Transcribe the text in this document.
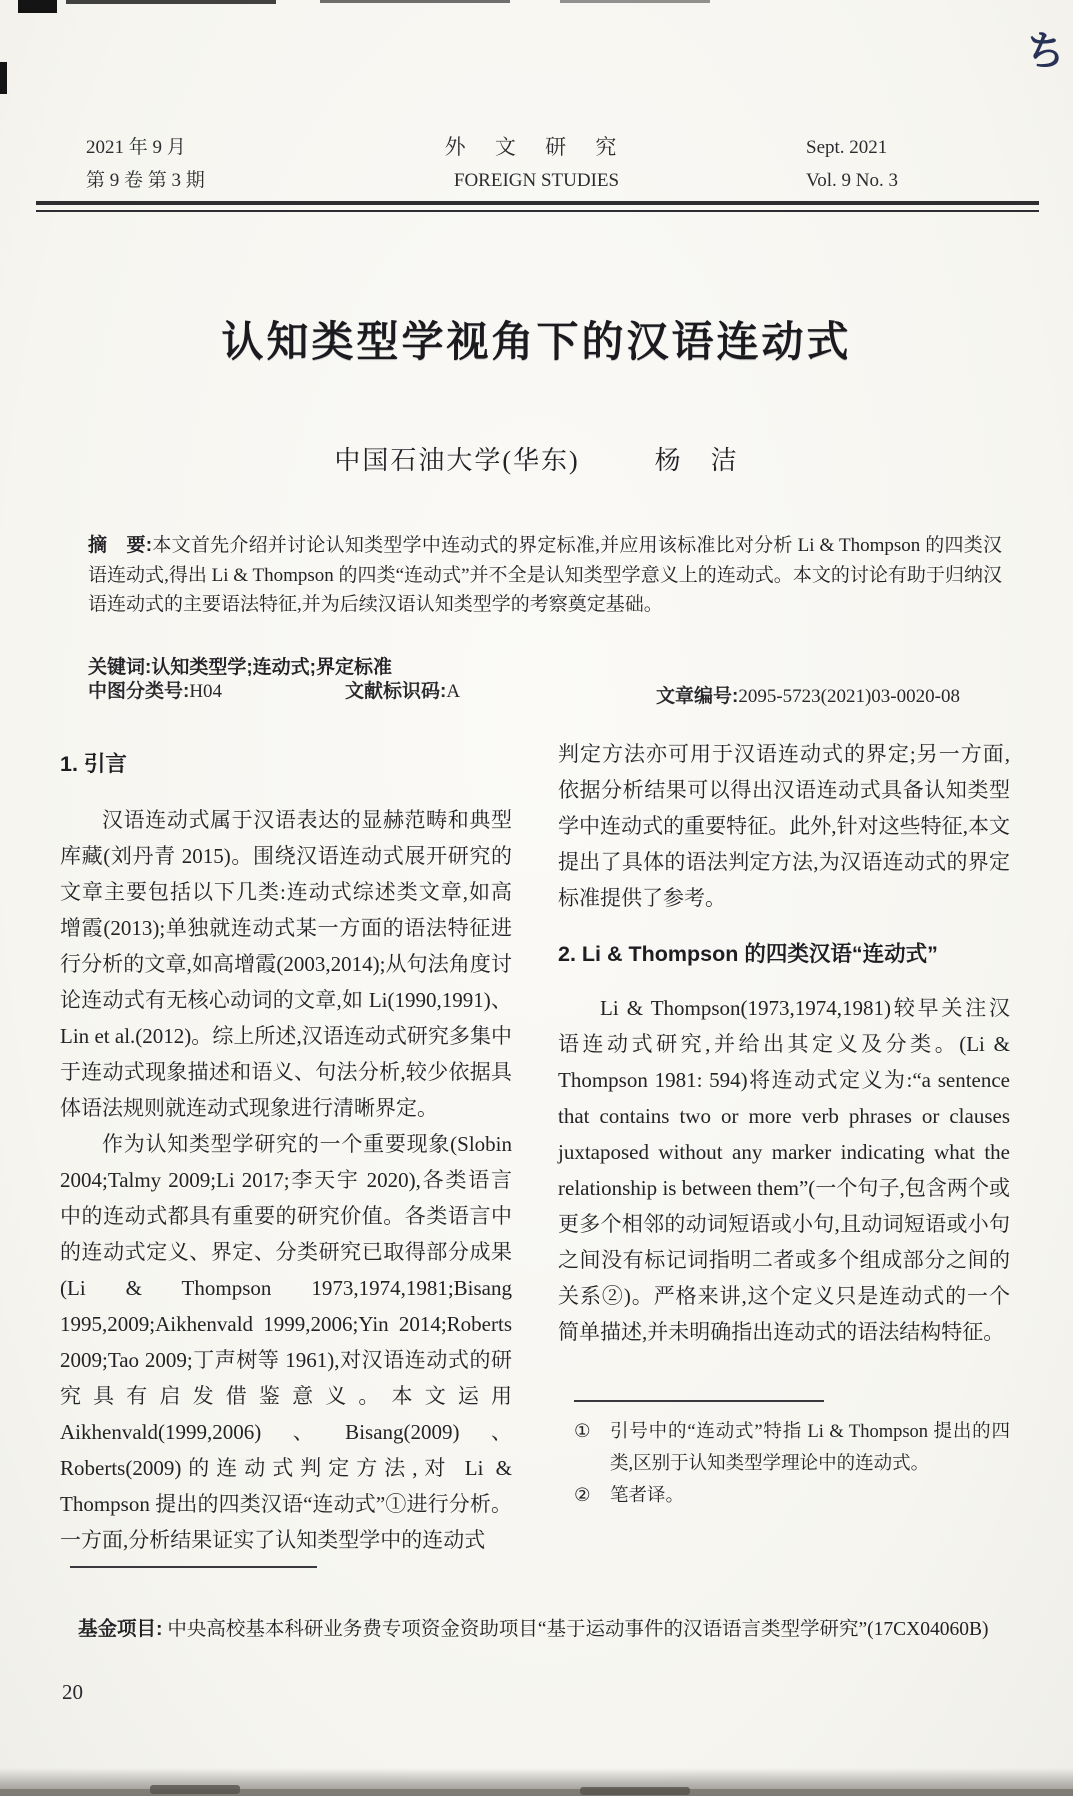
ち
2021 年 9 月
第 9 卷 第 3 期
外 文 研 究
FOREIGN STUDIES
Sept. 2021
Vol. 9 No. 3
认知类型学视角下的汉语连动式
中国石油大学(华东)	杨　洁

摘　要:本文首先介绍并讨论认知类型学中连动式的界定标准,并应用该标准比对分析 Li & Thompson 的四类汉语连动式,得出 Li & Thompson 的四类“连动式”并不全是认知类型学意义上的连动式。本文的讨论有助于归纳汉语连动式的主要语法特征,并为后续汉语认知类型学的考察奠定基础。

关键词:认知类型学;连动式;界定标准

中图分类号:H04	文献标识码:A	文章编号:2095-5723(2021)03-0020-08
1. 引言

汉语连动式属于汉语表达的显赫范畴和典型库藏(刘丹青 2015)。围绕汉语连动式展开研究的文章主要包括以下几类:连动式综述类文章,如高增霞(2013);单独就连动式某一方面的语法特征进行分析的文章,如高增霞(2003,2014);从句法角度讨论连动式有无核心动词的文章,如 Li(1990,1991)、Lin et al.(2012)。综上所述,汉语连动式研究多集中于连动式现象描述和语义、句法分析,较少依据具体语法规则就连动式现象进行清晰界定。

作为认知类型学研究的一个重要现象(Slobin 2004;Talmy 2009;Li 2017;李天宇 2020),各类语言中的连动式都具有重要的研究价值。各类语言中的连动式定义、界定、分类研究已取得部分成果(Li & Thompson 1973,1974,1981;Bisang 1995,2009;Aikhenvald 1999,2006;Yin 2014;Roberts 2009;Tao 2009;丁声树等 1961),对汉语连动式的研究具有启发借鉴意义。本文运用 Aikhenvald(1999,2006)、Bisang(2009)、Roberts(2009)的连动式判定方法,对 Li & Thompson 提出的四类汉语“连动式”①进行分析。一方面,分析结果证实了认知类型学中的连动式

判定方法亦可用于汉语连动式的界定;另一方面,依据分析结果可以得出汉语连动式具备认知类型学中连动式的重要特征。此外,针对这些特征,本文提出了具体的语法判定方法,为汉语连动式的界定标准提供了参考。

2. Li & Thompson 的四类汉语“连动式”

Li & Thompson(1973,1974,1981)较早关注汉语连动式研究,并给出其定义及分类。(Li & Thompson 1981: 594)将连动式定义为:“a sentence that contains two or more verb phrases or clauses juxtaposed without any marker indicating what the relationship is between them”(一个句子,包含两个或更多个相邻的动词短语或小句,且动词短语或小句之间没有标记词指明二者或多个组成部分之间的关系②)。严格来讲,这个定义只是连动式的一个简单描述,并未明确指出连动式的语法结构特征。

①	引号中的“连动式”特指 Li & Thompson 提出的四类,区别于认知类型学理论中的连动式。
②	笔者译。

基金项目: 中央高校基本科研业务费专项资金资助项目“基于运动事件的汉语语言类型学研究”(17CX04060B)

20
